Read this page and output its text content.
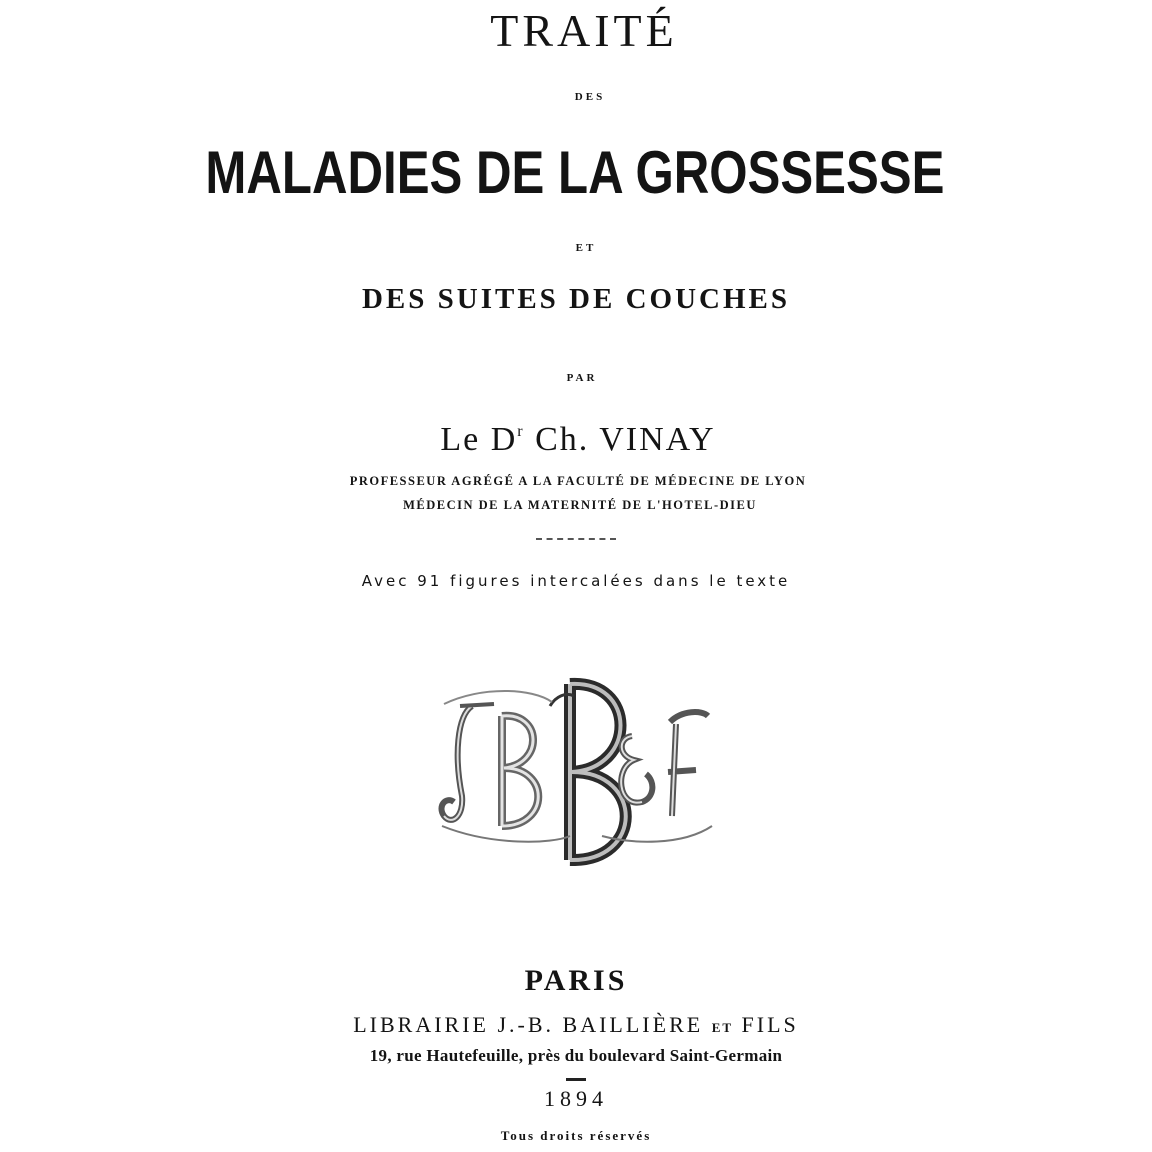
TRAITÉ
DES
MALADIES DE LA GROSSESSE
ET
DES SUITES DE COUCHES
PAR
Le $D^r$ Ch. VINAY
PROFESSEUR AGRÉGÉ A LA FACULTÉ DE MÉDECINE DE LYON
MÉDECIN DE LA MATERNITÉ DE L'HOTEL-DIEU
Avec 91 figures intercalées dans le texte
PARIS
LIBRAIRIE J.-B. BAILLIÈRE ET FILS
19, rue Hautefeuille, près du boulevard Saint-Germain
1894
Tous droits réservés
